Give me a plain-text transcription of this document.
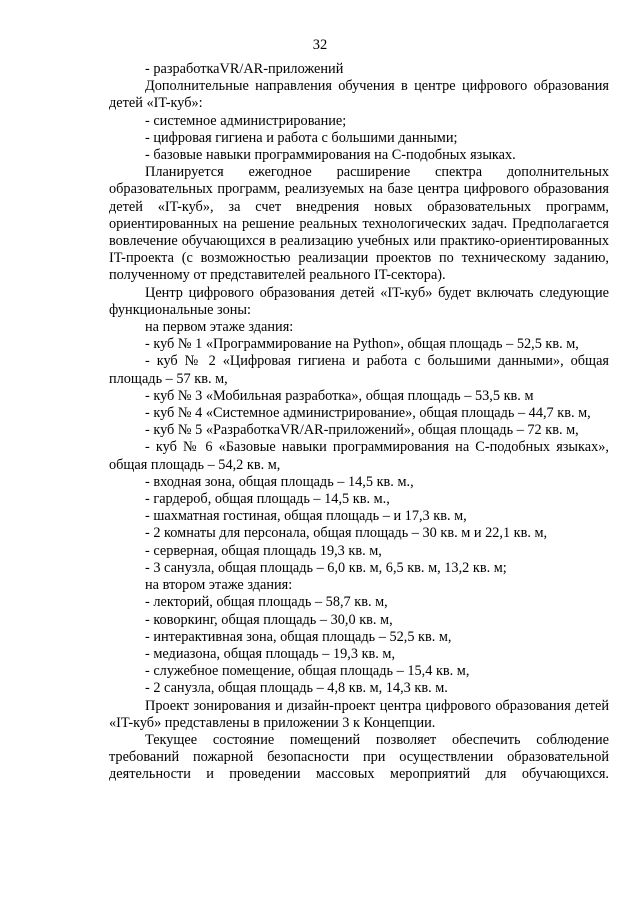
32

- разработкаVR/AR-приложений

Дополнительные направления обучения в центре цифрового образования детей «IT-куб»:

- системное администрирование;

- цифровая гигиена и работа с большими данными;

- базовые навыки программирования на С-подобных языках.

Планируется ежегодное расширение спектра дополнительных образовательных программ, реализуемых на базе центра цифрового образования детей «IT-куб», за счет внедрения новых образовательных программ, ориентированных на решение реальных технологических задач. Предполагается вовлечение обучающихся в реализацию учебных или практико-ориентированных IT-проекта (с возможностью реализации проектов по техническому заданию, полученному от представителей реального IT-сектора).

Центр цифрового образования детей «IT-куб» будет включать следующие функциональные зоны:

на первом этаже здания:

- куб № 1 «Программирование на Python», общая площадь – 52,5 кв. м,

- куб № 2 «Цифровая гигиена и работа с большими данными», общая площадь – 57 кв. м,

- куб № 3 «Мобильная разработка», общая площадь – 53,5 кв. м

- куб № 4 «Системное администрирование», общая площадь – 44,7 кв. м,

- куб № 5 «РазработкаVR/AR-приложений», общая площадь – 72 кв. м,

- куб № 6 «Базовые навыки программирования на С-подобных языках», общая площадь – 54,2 кв. м,

- входная зона, общая площадь – 14,5 кв. м.,

- гардероб, общая площадь – 14,5 кв. м.,

- шахматная гостиная, общая площадь – и 17,3 кв. м,

- 2 комнаты для персонала, общая площадь – 30 кв. м и 22,1 кв. м,

- серверная, общая площадь 19,3 кв. м,

- 3 санузла, общая площадь – 6,0 кв. м, 6,5 кв. м, 13,2 кв. м;

на втором этаже здания:

- лекторий, общая площадь – 58,7 кв. м,

- коворкинг, общая площадь – 30,0 кв. м,

- интерактивная зона, общая площадь – 52,5 кв. м,

- медиазона, общая площадь – 19,3 кв. м,

- служебное помещение, общая площадь – 15,4 кв. м,

- 2 санузла, общая площадь – 4,8 кв. м, 14,3 кв. м.

Проект зонирования и дизайн-проект центра цифрового образования детей «IT-куб» представлены в приложении 3 к Концепции.

Текущее состояние помещений позволяет обеспечить соблюдение требований пожарной безопасности при осуществлении образовательной деятельности и проведении массовых мероприятий для обучающихся.
